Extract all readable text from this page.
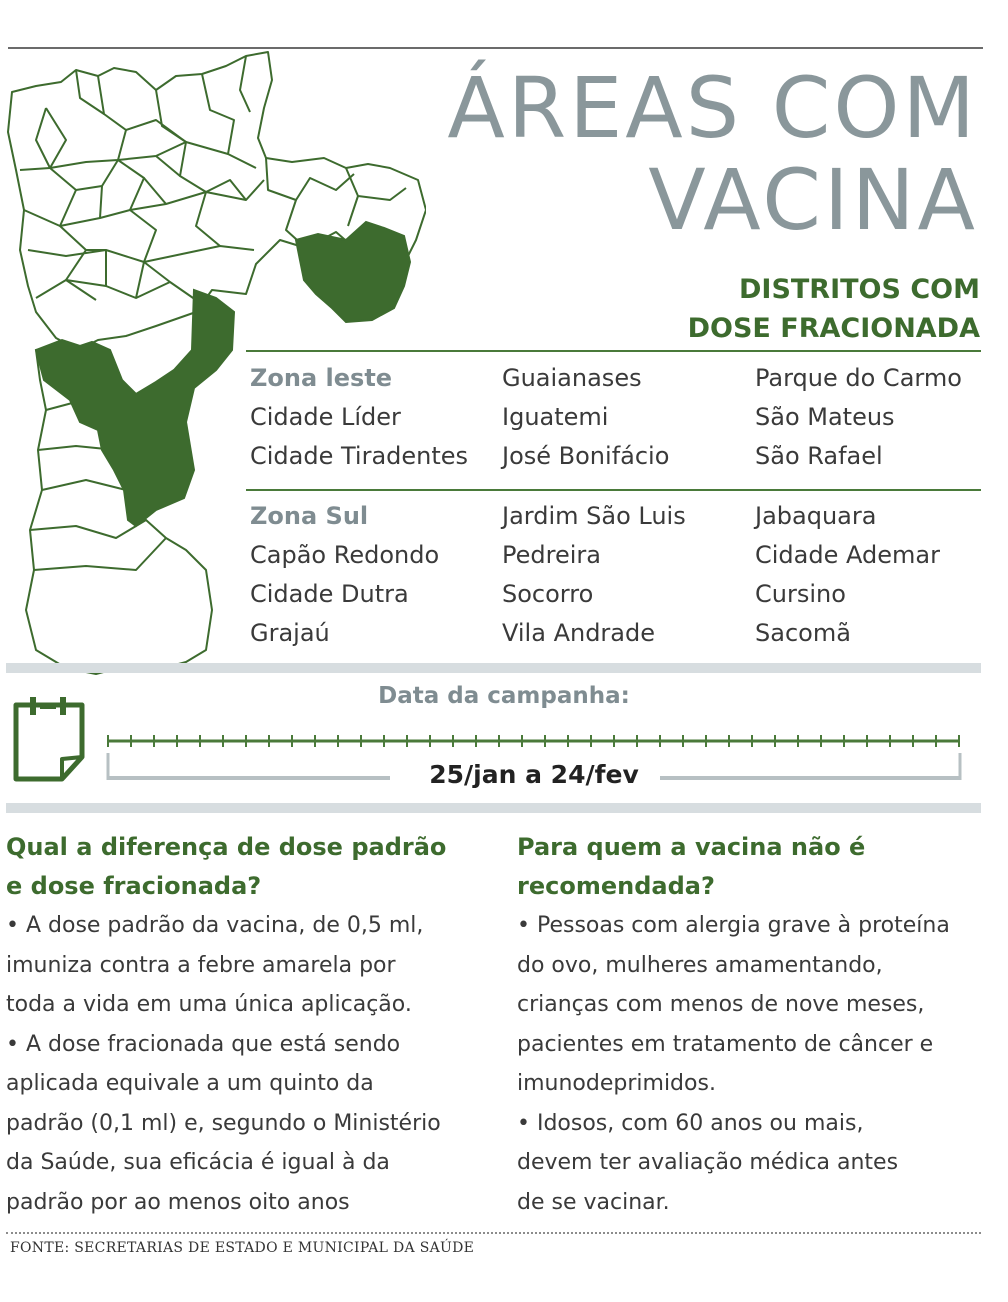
ÁREAS COM
VACINA
DISTRITOS COM
DOSE FRACIONADA
Zona leste
Cidade Líder
Cidade Tiradentes
Guaianases
Iguatemi
José Bonifácio
Parque do Carmo
São Mateus
São Rafael
Zona Sul
Capão Redondo
Cidade Dutra
Grajaú
Jardim São Luis
Pedreira
Socorro
Vila Andrade
Jabaquara
Cidade Ademar
Cursino
Sacomã
Data da campanha:
25/jan a 24/fev
Qual a diferença de dose padrão
e dose fracionada?
• A dose padrão da vacina, de 0,5 ml,
imuniza contra a febre amarela por
toda a vida em uma única aplicação.
• A dose fracionada que está sendo
aplicada equivale a um quinto da
padrão (0,1 ml) e, segundo o Ministério
da Saúde, sua eficácia é igual à da
padrão por ao menos oito anos
Para quem a vacina não é
recomendada?
• Pessoas com alergia grave à proteína
do ovo, mulheres amamentando,
crianças com menos de nove meses,
pacientes em tratamento de câncer e
imunodeprimidos.
• Idosos, com 60 anos ou mais,
devem ter avaliação médica antes
de se vacinar.
FONTE: SECRETARIAS DE ESTADO E MUNICIPAL DA SAÚDE
